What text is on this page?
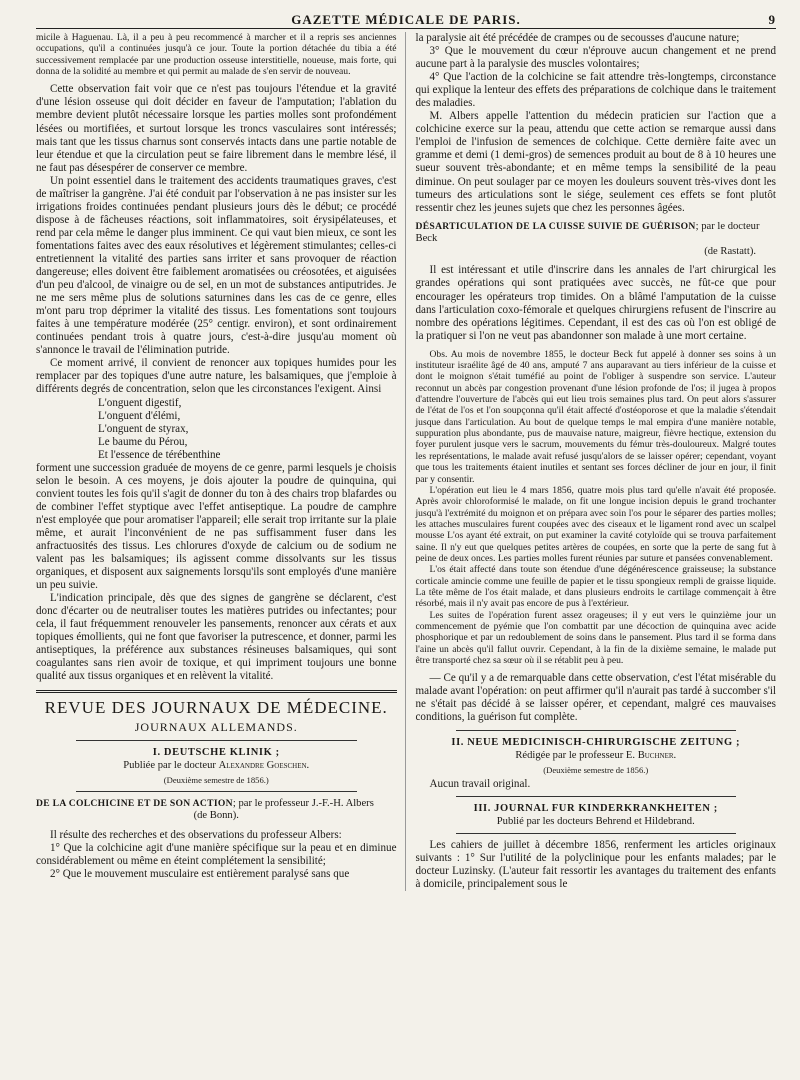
GAZETTE MÉDICALE DE PARIS.	9

micile à Haguenau. Là, il a peu à peu recommencé à marcher et il a repris ses anciennes occupations, qu'il a continuées jusqu'à ce jour. Toute la portion détachée du tibia a été successivement remplacée par une production osseuse interstitielle, noueuse, mais forte, qui donna de la solidité au membre et qui permit au malade de s'en servir de nouveau.

Cette observation fait voir que ce n'est pas toujours l'étendue et la gravité d'une lésion osseuse qui doit décider en faveur de l'amputation; l'ablation du membre devient plutôt nécessaire lorsque les parties molles sont profondément lésées ou mortifiées, et surtout lorsque les troncs vasculaires sont intéressés; mais tant que les tissus charnus sont conservés intacts dans une partie notable de leur étendue et que la circulation peut se faire librement dans le membre lésé, il ne faut pas désespérer de conserver ce membre.

Un point essentiel dans le traitement des accidents traumatiques graves, c'est de maîtriser la gangrène. J'ai été conduit par l'observation à ne pas insister sur les irrigations froides continuées pendant plusieurs jours dès le début; ce procédé dispose à de fâcheuses réactions, soit inflammatoires, soit érysipélateuses, et rend par cela même le danger plus imminent. Ce qui vaut bien mieux, ce sont les fomentations faites avec des eaux résolutives et légèrement stimulantes; celles-ci entretiennent la vitalité des parties sans irriter et sans provoquer de réaction dangereuse; elles doivent être faiblement aromatisées ou créosotées, et aiguisées d'un peu d'alcool, de vinaigre ou de sel, en un mot de substances antiputrides. Je ne me sers même plus de solutions saturnines dans les cas de ce genre, elles m'ont paru trop déprimer la vitalité des tissus. Les fomentations sont toujours faites à une température modérée (25° centigr. environ), et sont ordinairement continuées pendant trois à quatre jours, c'est-à-dire jusqu'au moment où s'annonce le travail de l'élimination putride.

Ce moment arrivé, il convient de renoncer aux topiques humides pour les remplacer par des topiques d'une autre nature, les balsamiques, que j'emploie à différents degrés de concentration, selon que les circonstances l'exigent. Ainsi

L'onguent digestif,
L'onguent d'élémi,
L'onguent de styrax,
Le baume du Pérou,
Et l'essence de térébenthine

forment une succession graduée de moyens de ce genre, parmi lesquels je choisis selon le besoin. A ces moyens, je dois ajouter la poudre de quinquina, qui convient toutes les fois qu'il s'agit de donner du ton à des chairs trop blafardes ou de combiner l'effet styptique avec l'effet antiseptique. La poudre de camphre n'est employée que pour aromatiser l'appareil; elle serait trop irritante sur la plaie même, et aurait l'inconvénient de ne pas suffisamment fuser dans les anfractuosités des tissus. Les chlorures d'oxyde de calcium ou de sodium ne valent pas les balsamiques; ils agissent comme dissolvants sur les tissus organiques, et disposent aux saignements lorsqu'ils sont employés d'une manière un peu suivie.

L'indication principale, dès que des signes de gangrène se déclarent, c'est donc d'écarter ou de neutraliser toutes les matières putrides ou infectantes; pour cela, il faut fréquemment renouveler les pansements, renoncer aux cérats et aux topiques émollients, qui ne font que favoriser la putrescence, et donner, parmi les antiseptiques, la préférence aux substances résineuses balsamiques, qui sont coagulantes sans rien avoir de toxique, et qui impriment toujours une bonne qualité aux tissus organiques et en relèvent la vitalité.

REVUE DES JOURNAUX DE MÉDECINE.
JOURNAUX ALLEMANDS.
I. DEUTSCHE KLINIK ;
Publiée par le docteur Alexandre Goeschen.
(Deuxième semestre de 1856.)
DE LA COLCHICINE ET DE SON ACTION; par le professeur J.-F.-H. Albers
(de Bonn).

Il résulte des recherches et des observations du professeur Albers:

1° Que la colchicine agit d'une manière spécifique sur la peau et en diminue considérablement ou même en éteint complétement la sensibilité;

2° Que le mouvement musculaire est entièrement paralysé sans que

la paralysie ait été précédée de crampes ou de secousses d'aucune nature;

3° Que le mouvement du cœur n'éprouve aucun changement et ne prend aucune part à la paralysie des muscles volontaires;

4° Que l'action de la colchicine se fait attendre très-longtemps, circonstance qui explique la lenteur des effets des préparations de colchique dans le traitement des maladies.

M. Albers appelle l'attention du médecin praticien sur l'action que a colchicine exerce sur la peau, attendu que cette action se remarque aussi dans l'emploi de l'infusion de semences de colchique. Cette dernière faite avec un gramme et demi (1 demi-gros) de semences produit au bout de 8 à 10 heures une sueur souvent très-abondante; et en même temps la sensibilité de la peau diminue. On peut soulager par ce moyen les douleurs souvent très-vives dont les tumeurs des articulations sont le siége, seulement ces effets se font plutôt ressentir chez les jeunes sujets que chez les personnes âgées.

DÉSARTICULATION DE LA CUISSE SUIVIE DE GUÉRISON; par le docteur Beck
(de Rastatt).

Il est intéressant et utile d'inscrire dans les annales de l'art chirurgical les grandes opérations qui sont pratiquées avec succès, ne fût-ce que pour encourager les opérateurs trop timides. On a blâmé l'amputation de la cuisse dans l'articulation coxo-fémorale et quelques chirurgiens refusent de l'inscrire au nombre des opérations légitimes. Cependant, il est des cas où l'on est obligé de la pratiquer si l'on ne veut pas abandonner son malade à une mort certaine.

Obs. Au mois de novembre 1855, le docteur Beck fut appelé à donner ses soins à un instituteur israélite âgé de 40 ans, amputé 7 ans auparavant au tiers inférieur de la cuisse et dont le moignon s'était tuméfié au point de l'obliger à suspendre son service. L'auteur reconnut un abcès par congestion provenant d'une lésion profonde de l'os; il jugea à propos d'attendre l'ouverture de l'abcès qui eut lieu trois semaines plus tard. On peut alors s'assurer de l'état de l'os et l'on soupçonna qu'il était affecté d'ostéoporose et que la maladie s'étendait jusque dans l'articulation. Au bout de quelque temps le mal empira d'une manière notable, suppuration plus abondante, pus de mauvaise nature, maigreur, fièvre hectique, extension du foyer purulent jusque vers le sacrum, mouvements du fémur très-douloureux. Malgré toutes les représentations, le malade avait refusé jusqu'alors de se laisser opérer; cependant, voyant que tous les traitements étaient inutiles et sentant ses forces décliner de jour en jour, il finit par y consentir.

L'opération eut lieu le 4 mars 1856, quatre mois plus tard qu'elle n'avait été proposée. Après avoir chloroformisé le malade, on fit une longue incision depuis le grand trochanter jusqu'à l'extrémité du moignon et on prépara avec soin l'os pour le séparer des parties molles; les attaches musculaires furent coupées avec des ciseaux et le ligament rond avec un scalpel mousse L'os ayant été extrait, on put examiner la cavité cotyloïde qui se trouva parfaitement saine. Il n'y eut que quelques petites artères de coupées, en sorte que la perte de sang fut à peine de deux onces. Les parties molles furent réunies par suture et pansées convenablement.

L'os était affecté dans toute son étendue d'une dégénérescence graisseuse; la substance corticale amincie comme une feuille de papier et le tissu spongieux rempli de graisse liquide. La tête même de l'os était malade, et dans plusieurs endroits le cartilage commençait à être résorbé, mais il n'y avait pas encore de pus à l'extérieur.

Les suites de l'opération furent assez orageuses; il y eut vers le quinzième jour un commencement de pyémie que l'on combattit par une décoction de quinquina avec acide phosphorique et par un redoublement de soins dans le pansement. Plus tard il se forma dans l'aine un abcès qu'il fallut ouvrir. Cependant, à la fin de la dixième semaine, le malade put être transporté chez sa sœur où il se rétablit peu à peu.

— Ce qu'il y a de remarquable dans cette observation, c'est l'état misérable du malade avant l'opération: on peut affirmer qu'il n'aurait pas tardé à succomber s'il ne s'était pas décidé à se laisser opérer, et cependant, malgré ces mauvaises conditions, la guérison fut complète.

II. NEUE MEDICINISCH-CHIRURGISCHE ZEITUNG ;
Rédigée par le professeur E. Buchner.
(Deuxième semestre de 1856.)

Aucun travail original.

III. JOURNAL FUR KINDERKRANKHEITEN ;
Publié par les docteurs Behrend et Hildebrand.

Les cahiers de juillet à décembre 1856, renferment les articles originaux suivants : 1° Sur l'utilité de la polyclinique pour les enfants malades; par le docteur Luzinsky. (L'auteur fait ressortir les avantages du traitement des enfants à domicile, principalement sous le
